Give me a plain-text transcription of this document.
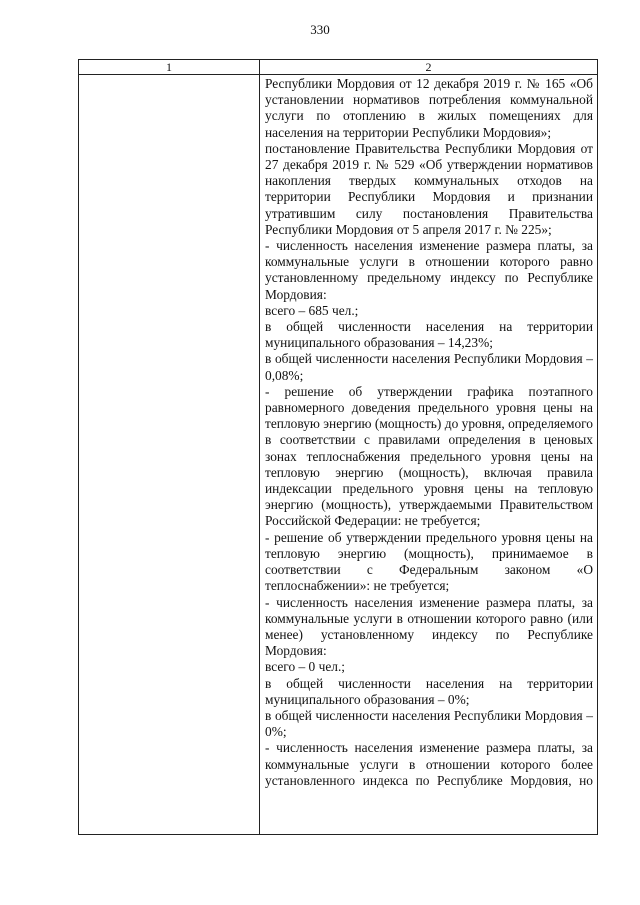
330
1	2

Республики Мордовия от 12 декабря 2019 г. № 165 «Об установлении нормативов потребления коммунальной услуги по отоплению в жилых помещениях для населения на территории Республики Мордовия»;

постановление Правительства Республики Мордовия от 27 декабря 2019 г. № 529 «Об утверждении нормативов накопления твердых коммунальных отходов на территории Республики Мордовия и признании утратившим силу постановления Правительства Республики Мордовия от 5 апреля 2017 г. № 225»;

- численность населения изменение размера платы, за коммунальные услуги в отношении которого равно установленному предельному индексу по Республике Мордовия:

всего – 685 чел.;

в общей численности населения на территории муниципального образования – 14,23%;

в общей численности населения Республики Мордовия – 0,08%;

- решение об утверждении графика поэтапного равномерного доведения предельного уровня цены на тепловую энергию (мощность) до уровня, определяемого в соответствии с правилами определения в ценовых зонах теплоснабжения предельного уровня цены на тепловую энергию (мощность), включая правила индексации предельного уровня цены на тепловую энергию (мощность), утверждаемыми Правительством Российской Федерации: не требуется;

- решение об утверждении предельного уровня цены на тепловую энергию (мощность), принимаемое в соответствии с Федеральным законом «О теплоснабжении»: не требуется;

- численность населения изменение размера платы, за коммунальные услуги в отношении которого равно (или менее) установленному индексу по Республике Мордовия:

всего – 0 чел.;

в общей численности населения на территории муниципального образования – 0%;

в общей численности населения Республики Мордовия – 0%;

- численность населения изменение размера платы, за коммунальные услуги в отношении которого более установленного индекса по Республике Мордовия, но
